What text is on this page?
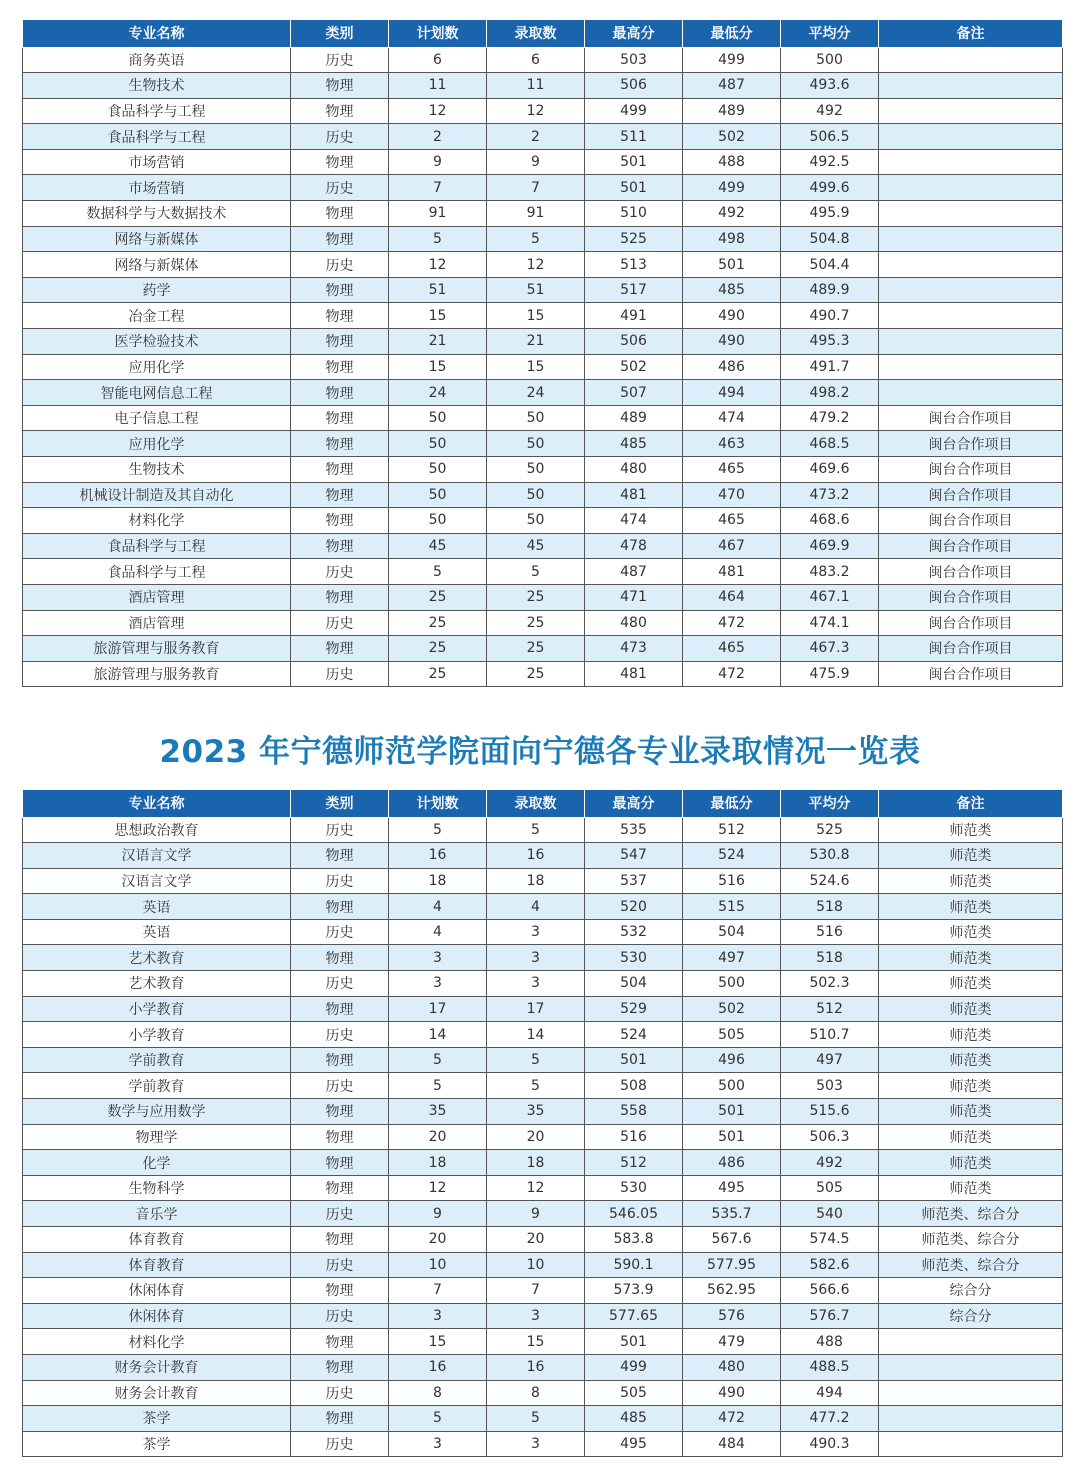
专业名称	类别	计划数	录取数	最高分	最低分	平均分	备注
商务英语	历史	6	6	503	499	500	
生物技术	物理	11	11	506	487	493.6	
食品科学与工程	物理	12	12	499	489	492	
食品科学与工程	历史	2	2	511	502	506.5	
市场营销	物理	9	9	501	488	492.5	
市场营销	历史	7	7	501	499	499.6	
数据科学与大数据技术	物理	91	91	510	492	495.9	
网络与新媒体	物理	5	5	525	498	504.8	
网络与新媒体	历史	12	12	513	501	504.4	
药学	物理	51	51	517	485	489.9	
冶金工程	物理	15	15	491	490	490.7	
医学检验技术	物理	21	21	506	490	495.3	
应用化学	物理	15	15	502	486	491.7	
智能电网信息工程	物理	24	24	507	494	498.2	
电子信息工程	物理	50	50	489	474	479.2	闽台合作项目
应用化学	物理	50	50	485	463	468.5	闽台合作项目
生物技术	物理	50	50	480	465	469.6	闽台合作项目
机械设计制造及其自动化	物理	50	50	481	470	473.2	闽台合作项目
材料化学	物理	50	50	474	465	468.6	闽台合作项目
食品科学与工程	物理	45	45	478	467	469.9	闽台合作项目
食品科学与工程	历史	5	5	487	481	483.2	闽台合作项目
酒店管理	物理	25	25	471	464	467.1	闽台合作项目
酒店管理	历史	25	25	480	472	474.1	闽台合作项目
旅游管理与服务教育	物理	25	25	473	465	467.3	闽台合作项目
旅游管理与服务教育	历史	25	25	481	472	475.9	闽台合作项目
2023 年宁德师范学院面向宁德各专业录取情况一览表
专业名称	类别	计划数	录取数	最高分	最低分	平均分	备注
思想政治教育	历史	5	5	535	512	525	师范类
汉语言文学	物理	16	16	547	524	530.8	师范类
汉语言文学	历史	18	18	537	516	524.6	师范类
英语	物理	4	4	520	515	518	师范类
英语	历史	4	3	532	504	516	师范类
艺术教育	物理	3	3	530	497	518	师范类
艺术教育	历史	3	3	504	500	502.3	师范类
小学教育	物理	17	17	529	502	512	师范类
小学教育	历史	14	14	524	505	510.7	师范类
学前教育	物理	5	5	501	496	497	师范类
学前教育	历史	5	5	508	500	503	师范类
数学与应用数学	物理	35	35	558	501	515.6	师范类
物理学	物理	20	20	516	501	506.3	师范类
化学	物理	18	18	512	486	492	师范类
生物科学	物理	12	12	530	495	505	师范类
音乐学	历史	9	9	546.05	535.7	540	师范类、综合分
体育教育	物理	20	20	583.8	567.6	574.5	师范类、综合分
体育教育	历史	10	10	590.1	577.95	582.6	师范类、综合分
休闲体育	物理	7	7	573.9	562.95	566.6	综合分
休闲体育	历史	3	3	577.65	576	576.7	综合分
材料化学	物理	15	15	501	479	488	
财务会计教育	物理	16	16	499	480	488.5	
财务会计教育	历史	8	8	505	490	494	
茶学	物理	5	5	485	472	477.2	
茶学	历史	3	3	495	484	490.3	
